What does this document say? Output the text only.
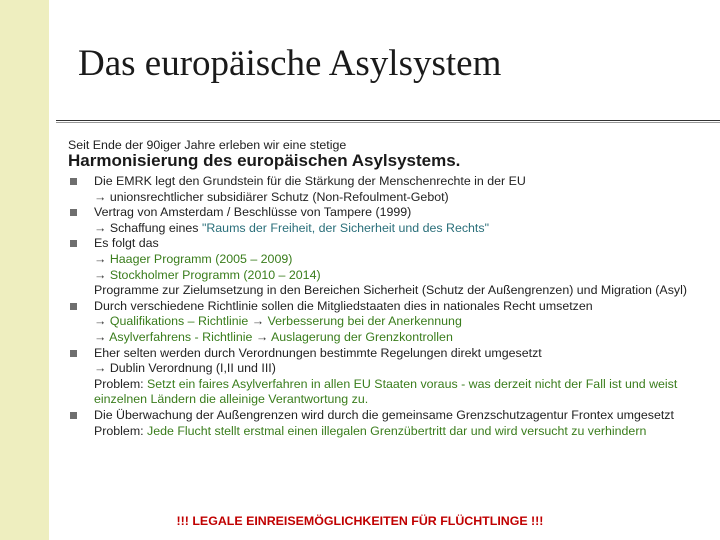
Das europäische Asylsystem
Seit Ende der 90iger Jahre erleben wir eine stetige
Harmonisierung des europäischen Asylsystems.
Die EMRK legt den Grundstein für die Stärkung der Menschenrechte in der EU
→ unionsrechtlicher subsidiärer Schutz (Non-Refoulment-Gebot)
Vertrag von Amsterdam / Beschlüsse von Tampere (1999)
→ Schaffung eines "Raums der Freiheit, der Sicherheit und des Rechts"
Es folgt das
→ Haager Programm (2005 – 2009)
→ Stockholmer Programm (2010 – 2014)
Programme zur Zielumsetzung in den Bereichen Sicherheit (Schutz der Außengrenzen) und Migration (Asyl)
Durch verschiedene Richtlinie sollen die Mitgliedstaaten dies in nationales Recht umsetzen
→ Qualifikations – Richtlinie → Verbesserung bei der Anerkennung
→ Asylverfahrens - Richtlinie → Auslagerung der Grenzkontrollen
Eher selten werden durch Verordnungen bestimmte Regelungen direkt umgesetzt
→ Dublin Verordnung (I,II und III)
Problem: Setzt ein faires Asylverfahren in allen EU Staaten voraus - was derzeit nicht der Fall ist und weist einzelnen Ländern die alleinige Verantwortung zu.
Die Überwachung der Außengrenzen wird durch die gemeinsame Grenzschutzagentur Frontex umgesetzt
Problem: Jede Flucht stellt erstmal einen illegalen Grenzübertritt dar und wird versucht zu verhindern
!!! LEGALE EINREISEMÖGLICHKEITEN FÜR FLÜCHTLINGE !!!
